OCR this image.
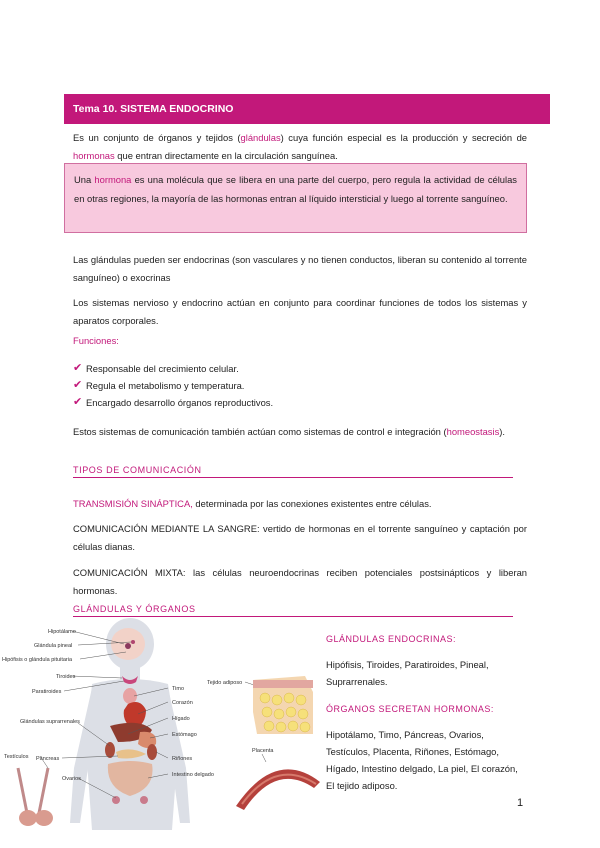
Tema 10. SISTEMA ENDOCRINO

Es un conjunto de órganos y tejidos (glándulas) cuya función especial es la producción y secreción de hormonas que entran directamente en la circulación sanguínea.

Una hormona es una molécula que se libera en una parte del cuerpo, pero regula la actividad de células en otras regiones, la mayoría de las hormonas entran al líquido intersticial y luego al torrente sanguíneo.

Las glándulas pueden ser endocrinas (son vasculares y no tienen conductos, liberan su contenido al torrente sanguíneo) o exocrinas

Los sistemas nervioso y endocrino actúan en conjunto para coordinar funciones de todos los sistemas y aparatos corporales.

Funciones:
✔ Responsable del crecimiento celular.
✔ Regula el metabolismo y temperatura.
✔ Encargado desarrollo órganos reproductivos.

Estos sistemas de comunicación también actúan como sistemas de control e integración (homeostasis).

TIPOS DE COMUNICACIÓN

TRANSMISIÓN SINÁPTICA, determinada por las conexiones existentes entre células.

COMUNICACIÓN MEDIANTE LA SANGRE: vertido de hormonas en el torrente sanguíneo y captación por células dianas.

COMUNICACIÓN MIXTA: las células neuroendocrinas reciben potenciales postsinápticos y liberan hormonas.

GLÁNDULAS Y ÓRGANOS
Hipotálamo
Glándula pineal
Hipófisis o glándula pituitaria
Tiroides
Paratiroides
Glándulas suprarrenales
Testículos Páncreas
Ovarios
Timo
Corazón
Hígado
Estómago
Riñones
Intestino delgado
Tejido adiposo
Placenta
GLÁNDULAS ENDOCRINAS:
Hipófisis, Tiroides, Paratiroides, Pineal, Suprarrenales.
ÓRGANOS SECRETAN HORMONAS:
Hipotálamo, Timo, Páncreas, Ovarios, Testículos, Placenta, Riñones, Estómago, Hígado, Intestino delgado, La piel, El corazón, El tejido adiposo.
1
